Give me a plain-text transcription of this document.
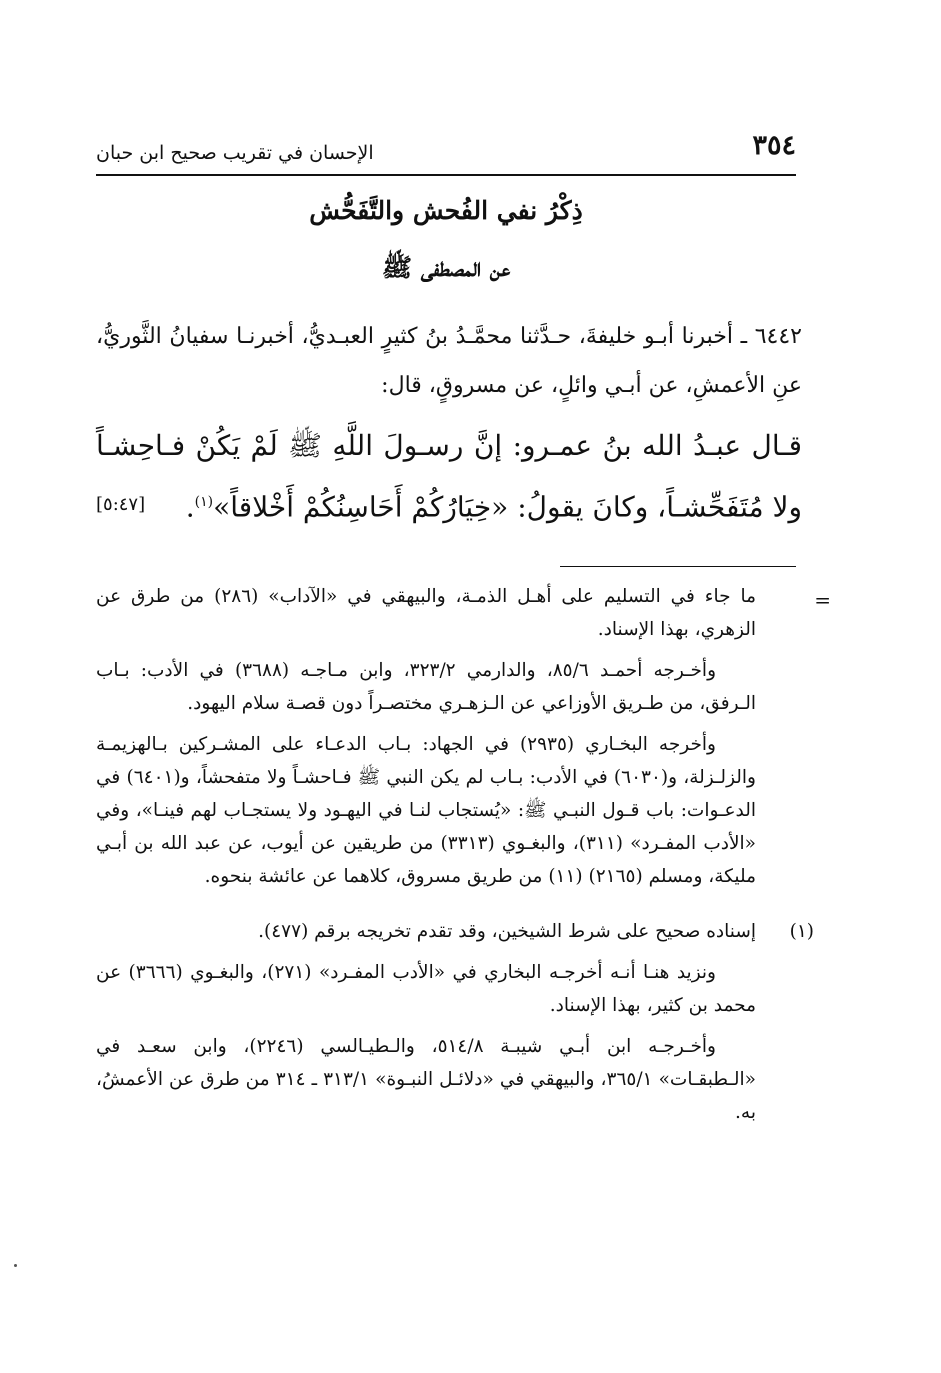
٣٥٤
الإحسان في تقريب صحيح ابن حبان
ذِكْرُ نفي الفُحش والتَّفَحُّش
عن المصطفى ﷺ

٦٤٤٢ ـ أخبرنا أبـو خليفةَ، حـدَّثنا محمَّـدُ بنُ كثيرٍ العبـديُّ، أخبرنـا سفيانُ الثَّوريُّ، عنِ الأعمشِ، عن أبـي وائلٍ، عن مسروقٍ، قال:

قـال عبـدُ الله بنُ عمـرو: إنَّ رسـولَ اللَّهِ ﷺ لَمْ يَكُنْ فـاحِشـاً ولا مُتَفَحِّشـاً، وكانَ يقولُ: «خِيَارُكُمْ أَحَاسِنُكُمْ أَخْلاقاً»$^{(١)}$.
[٥:٤٧]

=

ما جاء في التسليم على أهـل الذمـة، والبيهقي في «الآداب» (٢٨٦) من طرق عن الزهري، بهذا الإسناد.

وأخـرجه أحمـد ٨٥/٦، والدارمي ٣٢٣/٢، وابن مـاجـه (٣٦٨٨) في الأدب: بـاب الـرفق، من طـريق الأوزاعي عن الـزهـري مختصـراً دون قصـة سلام اليهود.

وأخرجه البخـاري (٢٩٣٥) في الجهاد: بـاب الدعـاء على المشـركين بـالهزيمـة والزلـزلة، و(٦٠٣٠) في الأدب: بـاب لم يكن النبي ﷺ فـاحشـاً ولا متفحشاً، و(٦٤٠١) في الدعـوات: باب قـول النبـي ﷺ: «يُستجاب لنـا في اليهـود ولا يستجـاب لهم فينـا»، وفي «الأدب المفـرد» (٣١١)، والبغـوي (٣٣١٣) من طريقين عن أيوب، عن عبد الله بن أبـي مليكة، ومسلم (٢١٦٥) (١١) من طريق مسروق، كلاهما عن عائشة بنحوه.

(١)
إسناده صحيح على شرط الشيخين، وقد تقدم تخريجه برقم (٤٧٧).

ونزيد هنـا أنـه أخرجـه البخاري في «الأدب المفـرد» (٢٧١)، والبغـوي (٣٦٦٦) عن محمد بن كثير، بهذا الإسناد.

وأخـرجـه ابن أبـي شيبـة ٥١٤/٨، والـطيـالسي (٢٢٤٦)، وابن سعـد في «الـطبقـات» ٣٦٥/١، والبيهقي في «دلائـل النبـوة» ٣١٣/١ ـ ٣١٤ من طرق عن الأعمشُ، به.
